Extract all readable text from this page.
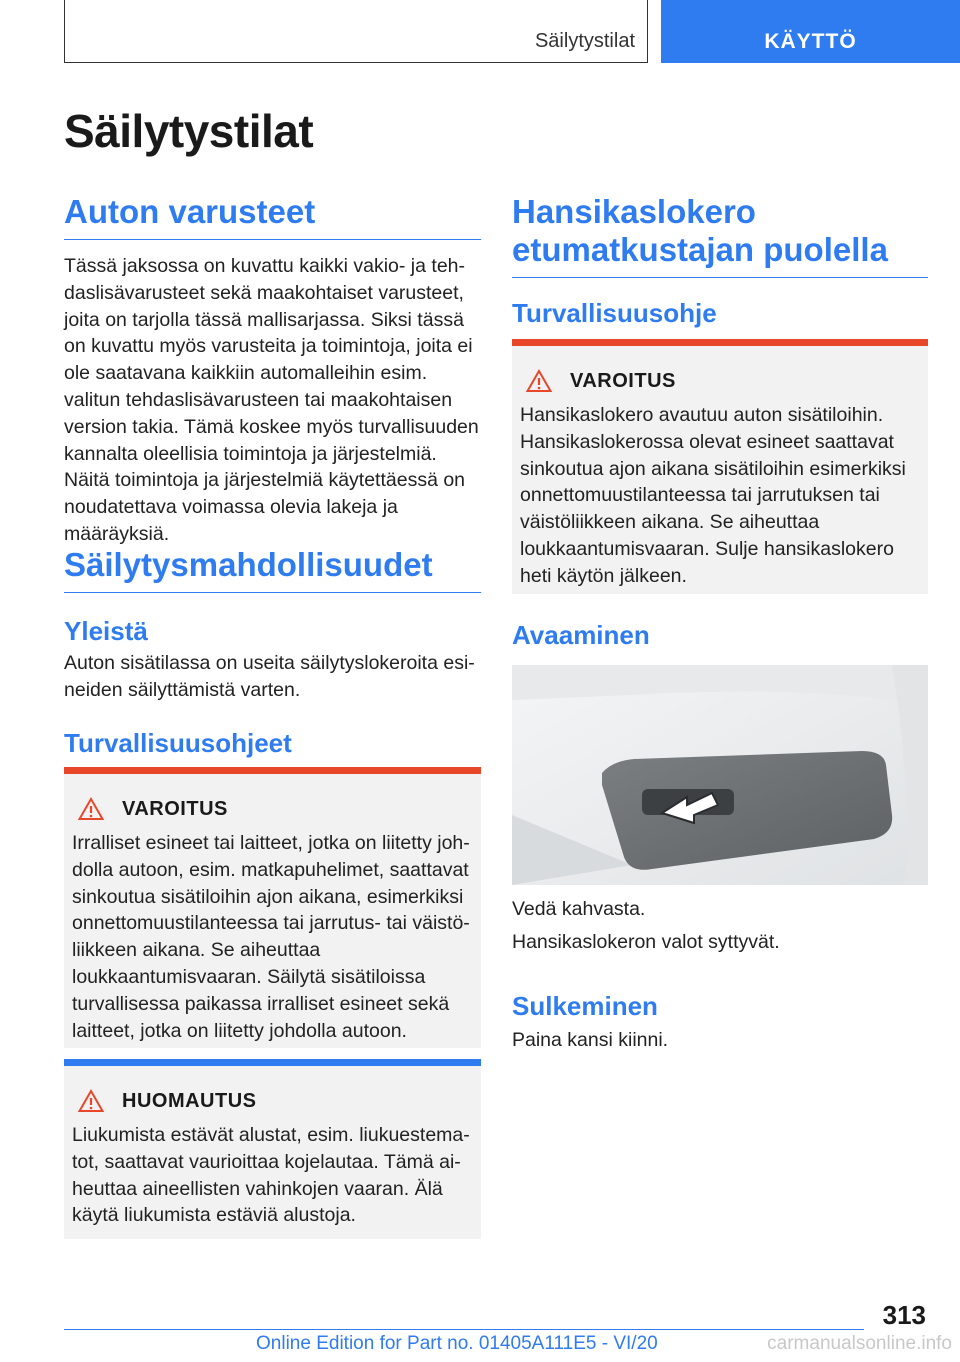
Säilytystilat	KÄYTTÖ
Säilytystilat
Auton varusteet

Tässä jaksossa on kuvattu kaikki vakio- ja tehdaslisävarusteet sekä maakohtaiset varusteet, joita on tarjolla tässä mallisarjassa. Siksi tässä on kuvattu myös varusteita ja toimintoja, joita ei ole saatavana kaikkiin automalleihin esim. valitun tehdaslisävarusteen tai maakohtaisen version takia. Tämä koskee myös turvallisuuden kannalta oleellisia toimintoja ja järjestelmiä. Näitä toimintoja ja järjestelmiä käytettäessä on noudatettava voimassa olevia lakeja ja määräyksiä.

Säilytysmahdollisuudet
Yleistä

Auton sisätilassa on useita säilytyslokeroita esineiden säilyttämistä varten.

Turvallisuusohjeet
VAROITUS

Irralliset esineet tai laitteet, jotka on liitetty johdolla autoon, esim. matkapuhelimet, saattavat sinkoutua sisätiloihin ajon aikana, esimerkiksi onnettomuustilanteessa tai jarrutus- tai väistöliikkeen aikana. Se aiheuttaa loukkaantumisvaaran. Säilytä sisätiloissa turvallisessa paikassa irralliset esineet sekä laitteet, jotka on liitetty johdolla autoon.

HUOMAUTUS

Liukumista estävät alustat, esim. liukuestematot, saattavat vaurioittaa kojelautaa. Tämä aiheuttaa aineellisten vahinkojen vaaran. Älä käytä liukumista estäviä alustoja.

Hansikaslokero etumatkustajan puolella
Turvallisuusohje
VAROITUS

Hansikaslokero avautuu auton sisätiloihin. Hansikaslokerossa olevat esineet saattavat sinkoutua ajon aikana sisätiloihin esimerkiksi onnettomuustilanteessa tai jarrutuksen tai väistöliikkeen aikana. Se aiheuttaa loukkaantumisvaaran. Sulje hansikaslokero heti käytön jälkeen.

Avaaminen

Vedä kahvasta.

Hansikaslokeron valot syttyvät.

Sulkeminen

Paina kansi kiinni.

313
Online Edition for Part no. 01405A111E5 - VI/20	carmanualsonline.info
